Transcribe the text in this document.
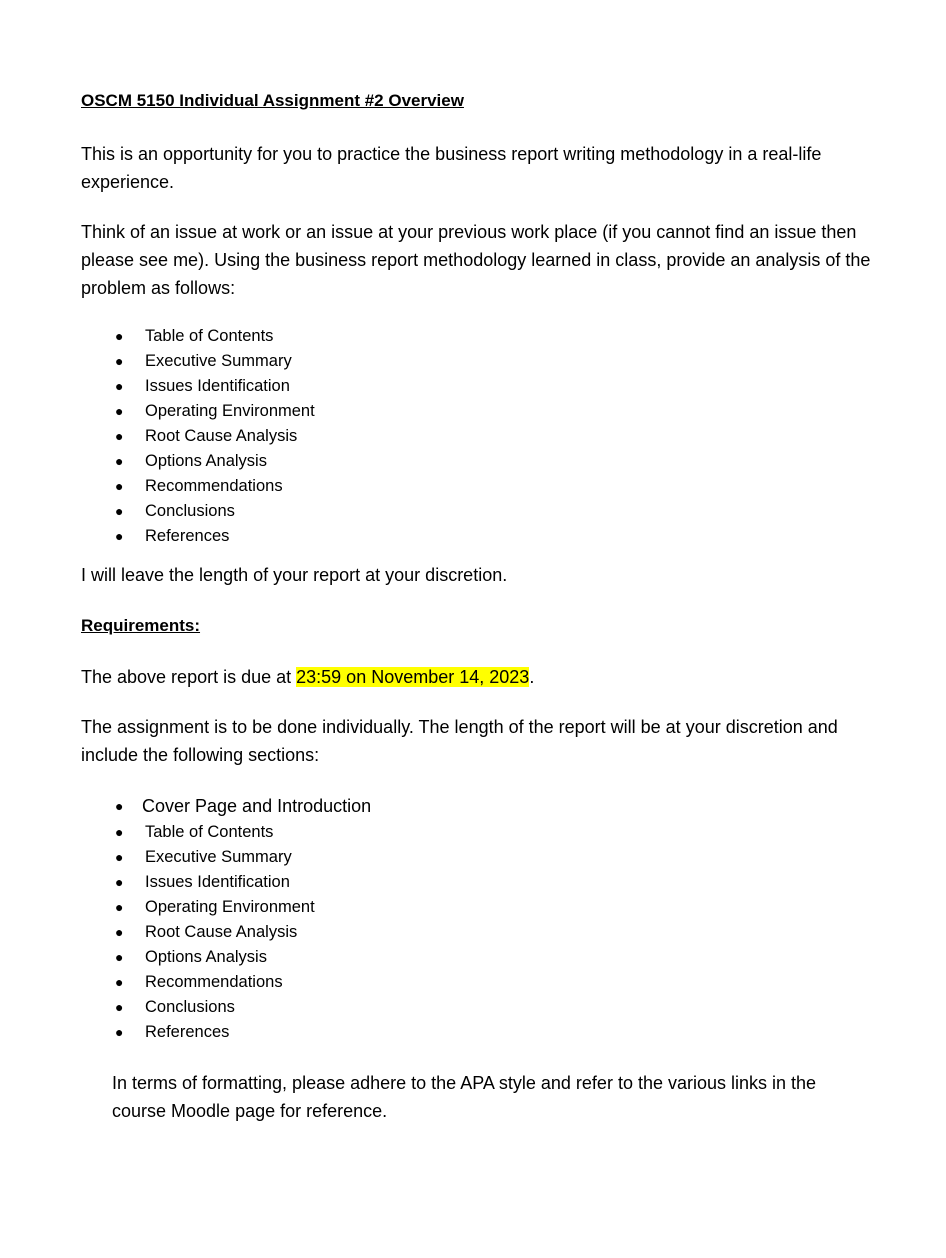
OSCM 5150 Individual Assignment #2 Overview

This is an opportunity for you to practice the business report writing methodology in a real-life experience.

Think of an issue at work or an issue at your previous work place (if you cannot find an issue then please see me). Using the business report methodology learned in class, provide an analysis of the problem as follows:

● Table of Contents
● Executive Summary
● Issues Identification
● Operating Environment
● Root Cause Analysis
● Options Analysis
● Recommendations
● Conclusions
● References

I will leave the length of your report at your discretion.

Requirements:

The above report is due at 23:59 on November 14, 2023.

The assignment is to be done individually. The length of the report will be at your discretion and include the following sections:

● Cover Page and Introduction
● Table of Contents
● Executive Summary
● Issues Identification
● Operating Environment
● Root Cause Analysis
● Options Analysis
● Recommendations
● Conclusions
● References

In terms of formatting, please adhere to the APA style and refer to the various links in the course Moodle page for reference.
